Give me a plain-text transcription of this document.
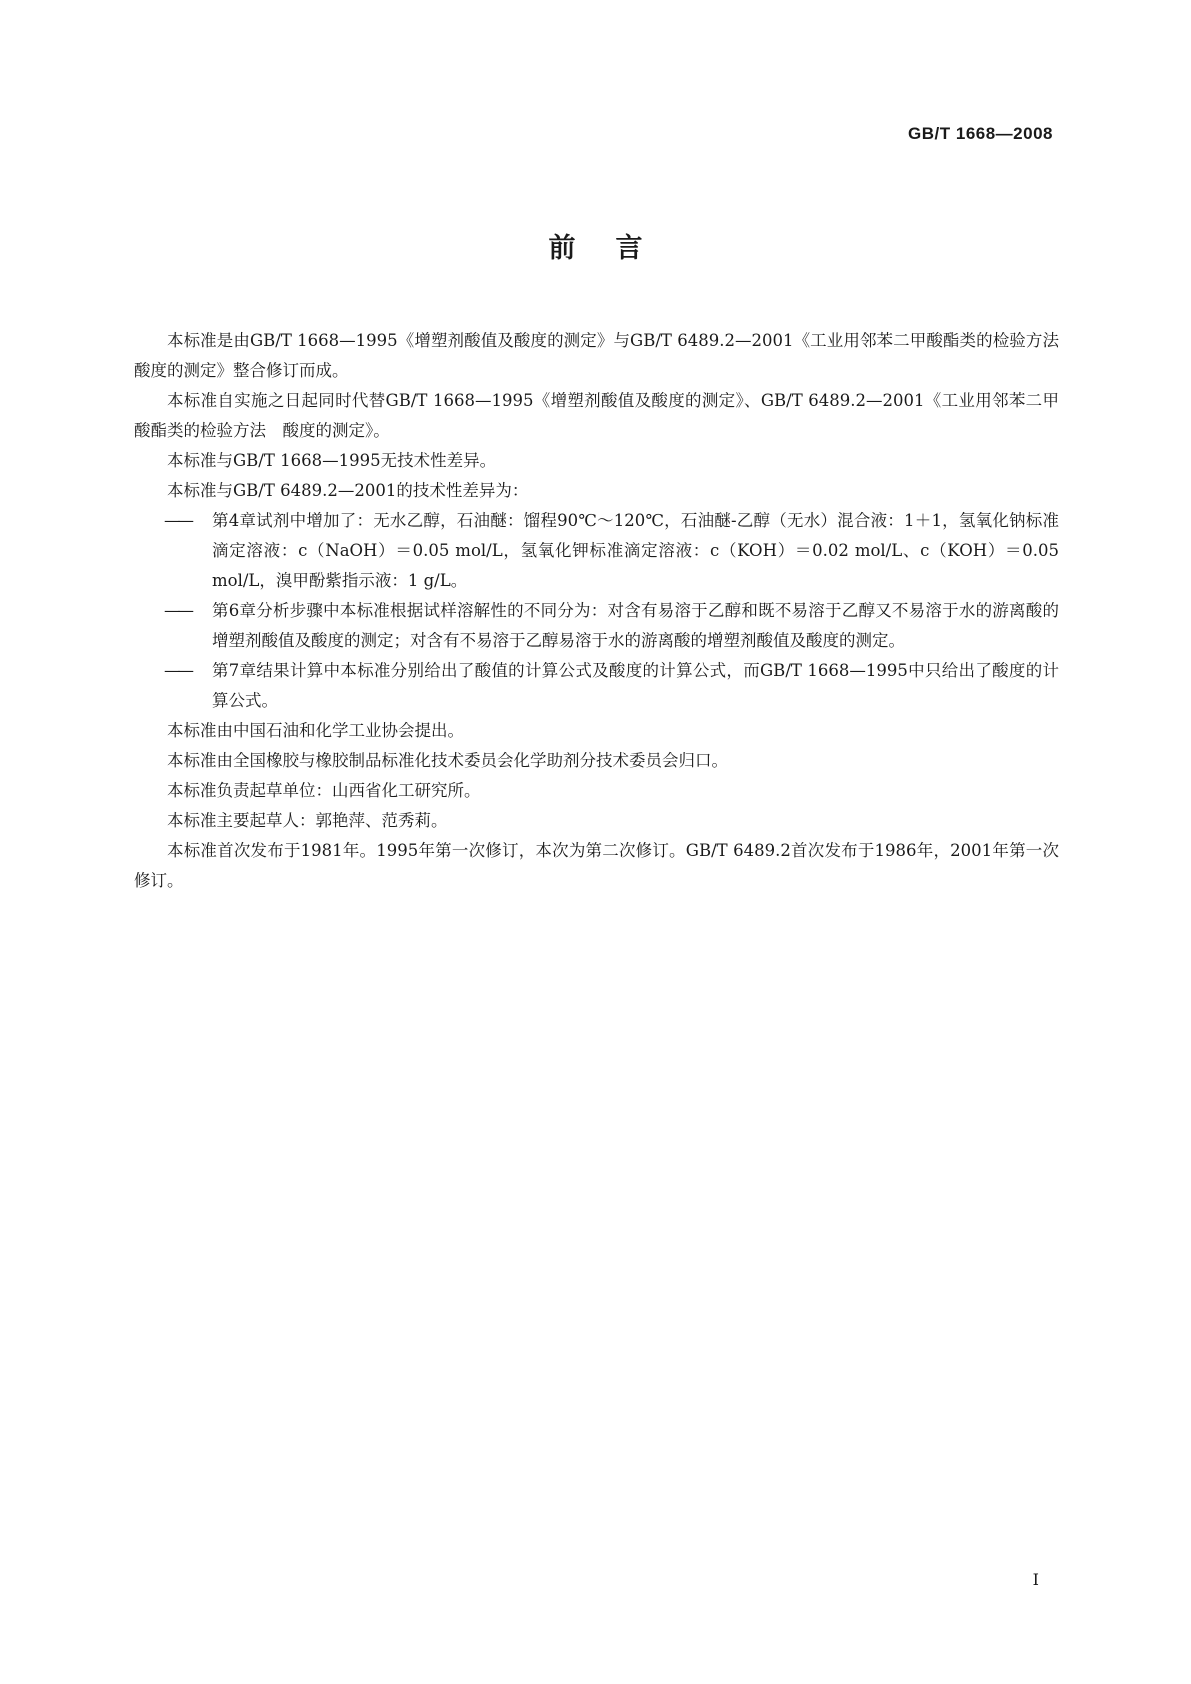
GB/T 1668—2008
前言

本标准是由GB/T 1668—1995《增塑剂酸值及酸度的测定》与GB/T 6489.2—2001《工业用邻苯二甲酸酯类的检验方法　酸度的测定》整合修订而成。

本标准自实施之日起同时代替GB/T 1668—1995《增塑剂酸值及酸度的测定》、GB/T 6489.2—2001《工业用邻苯二甲酸酯类的检验方法　酸度的测定》。

本标准与GB/T 1668—1995无技术性差异。

本标准与GB/T 6489.2—2001的技术性差异为：

—— 第4章试剂中增加了：无水乙醇，石油醚：馏程90℃～120℃，石油醚-乙醇（无水）混合液：1＋1，氢氧化钠标准滴定溶液：c（NaOH）＝0.05 mol/L，氢氧化钾标准滴定溶液：c（KOH）＝0.02 mol/L、c（KOH）＝0.05 mol/L，溴甲酚紫指示液：1 g/L。
—— 第6章分析步骤中本标准根据试样溶解性的不同分为：对含有易溶于乙醇和既不易溶于乙醇又不易溶于水的游离酸的增塑剂酸值及酸度的测定；对含有不易溶于乙醇易溶于水的游离酸的增塑剂酸值及酸度的测定。
—— 第7章结果计算中本标准分别给出了酸值的计算公式及酸度的计算公式，而GB/T 1668—1995中只给出了酸度的计算公式。

本标准由中国石油和化学工业协会提出。

本标准由全国橡胶与橡胶制品标准化技术委员会化学助剂分技术委员会归口。

本标准负责起草单位：山西省化工研究所。

本标准主要起草人：郭艳萍、范秀莉。

本标准首次发布于1981年。1995年第一次修订，本次为第二次修订。GB/T 6489.2首次发布于1986年，2001年第一次修订。

I
